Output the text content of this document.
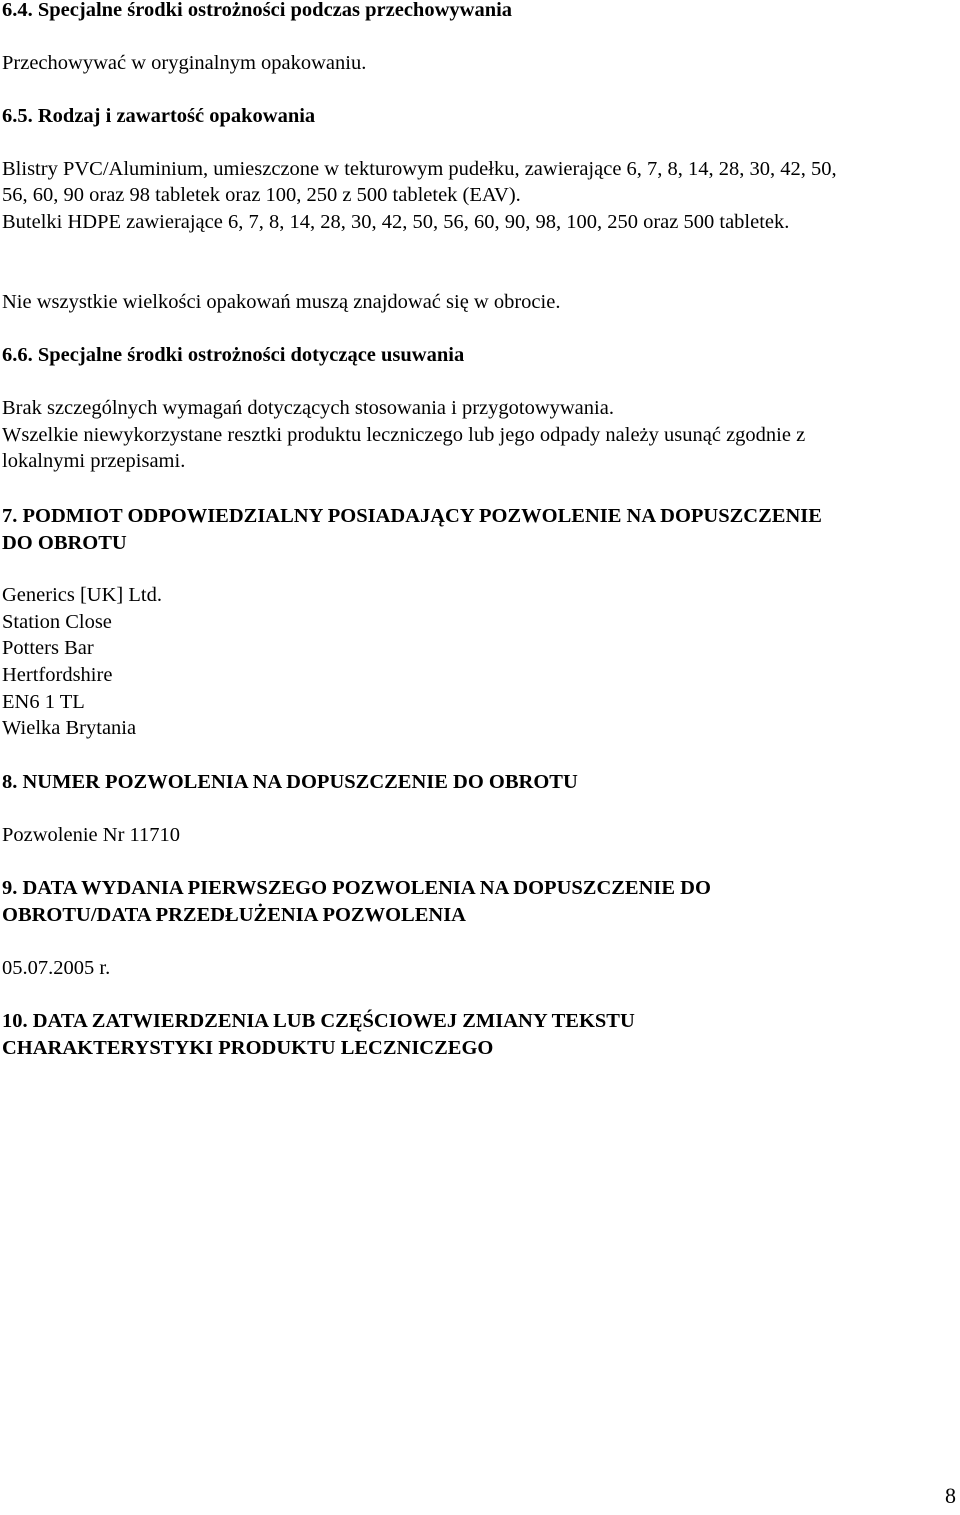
6.4. Specjalne środki ostrożności podczas przechowywania

Przechowywać w oryginalnym opakowaniu.

6.5. Rodzaj i zawartość opakowania

Blistry PVC/Aluminium, umieszczone w tekturowym pudełku, zawierające 6, 7, 8, 14, 28, 30, 42, 50,

56, 60, 90 oraz 98 tabletek oraz 100, 250 z 500 tabletek (EAV).

Butelki HDPE zawierające 6, 7, 8, 14, 28, 30, 42, 50, 56, 60, 90, 98, 100, 250 oraz 500 tabletek.

Nie wszystkie wielkości opakowań muszą znajdować się w obrocie.

6.6. Specjalne środki ostrożności dotyczące usuwania

Brak szczególnych wymagań dotyczących stosowania i przygotowywania.

Wszelkie niewykorzystane resztki produktu leczniczego lub jego odpady należy usunąć zgodnie z

lokalnymi przepisami.

7. PODMIOT ODPOWIEDZIALNY POSIADAJĄCY POZWOLENIE NA DOPUSZCZENIE

DO OBROTU

Generics [UK] Ltd.

Station Close

Potters Bar

Hertfordshire

EN6 1 TL

Wielka Brytania

8. NUMER POZWOLENIA NA DOPUSZCZENIE DO OBROTU

Pozwolenie Nr 11710

9. DATA WYDANIA PIERWSZEGO POZWOLENIA NA DOPUSZCZENIE DO

OBROTU/DATA PRZEDŁUŻENIA POZWOLENIA

05.07.2005 r.

10. DATA ZATWIERDZENIA LUB CZĘŚCIOWEJ ZMIANY TEKSTU

CHARAKTERYSTYKI PRODUKTU LECZNICZEGO

8
